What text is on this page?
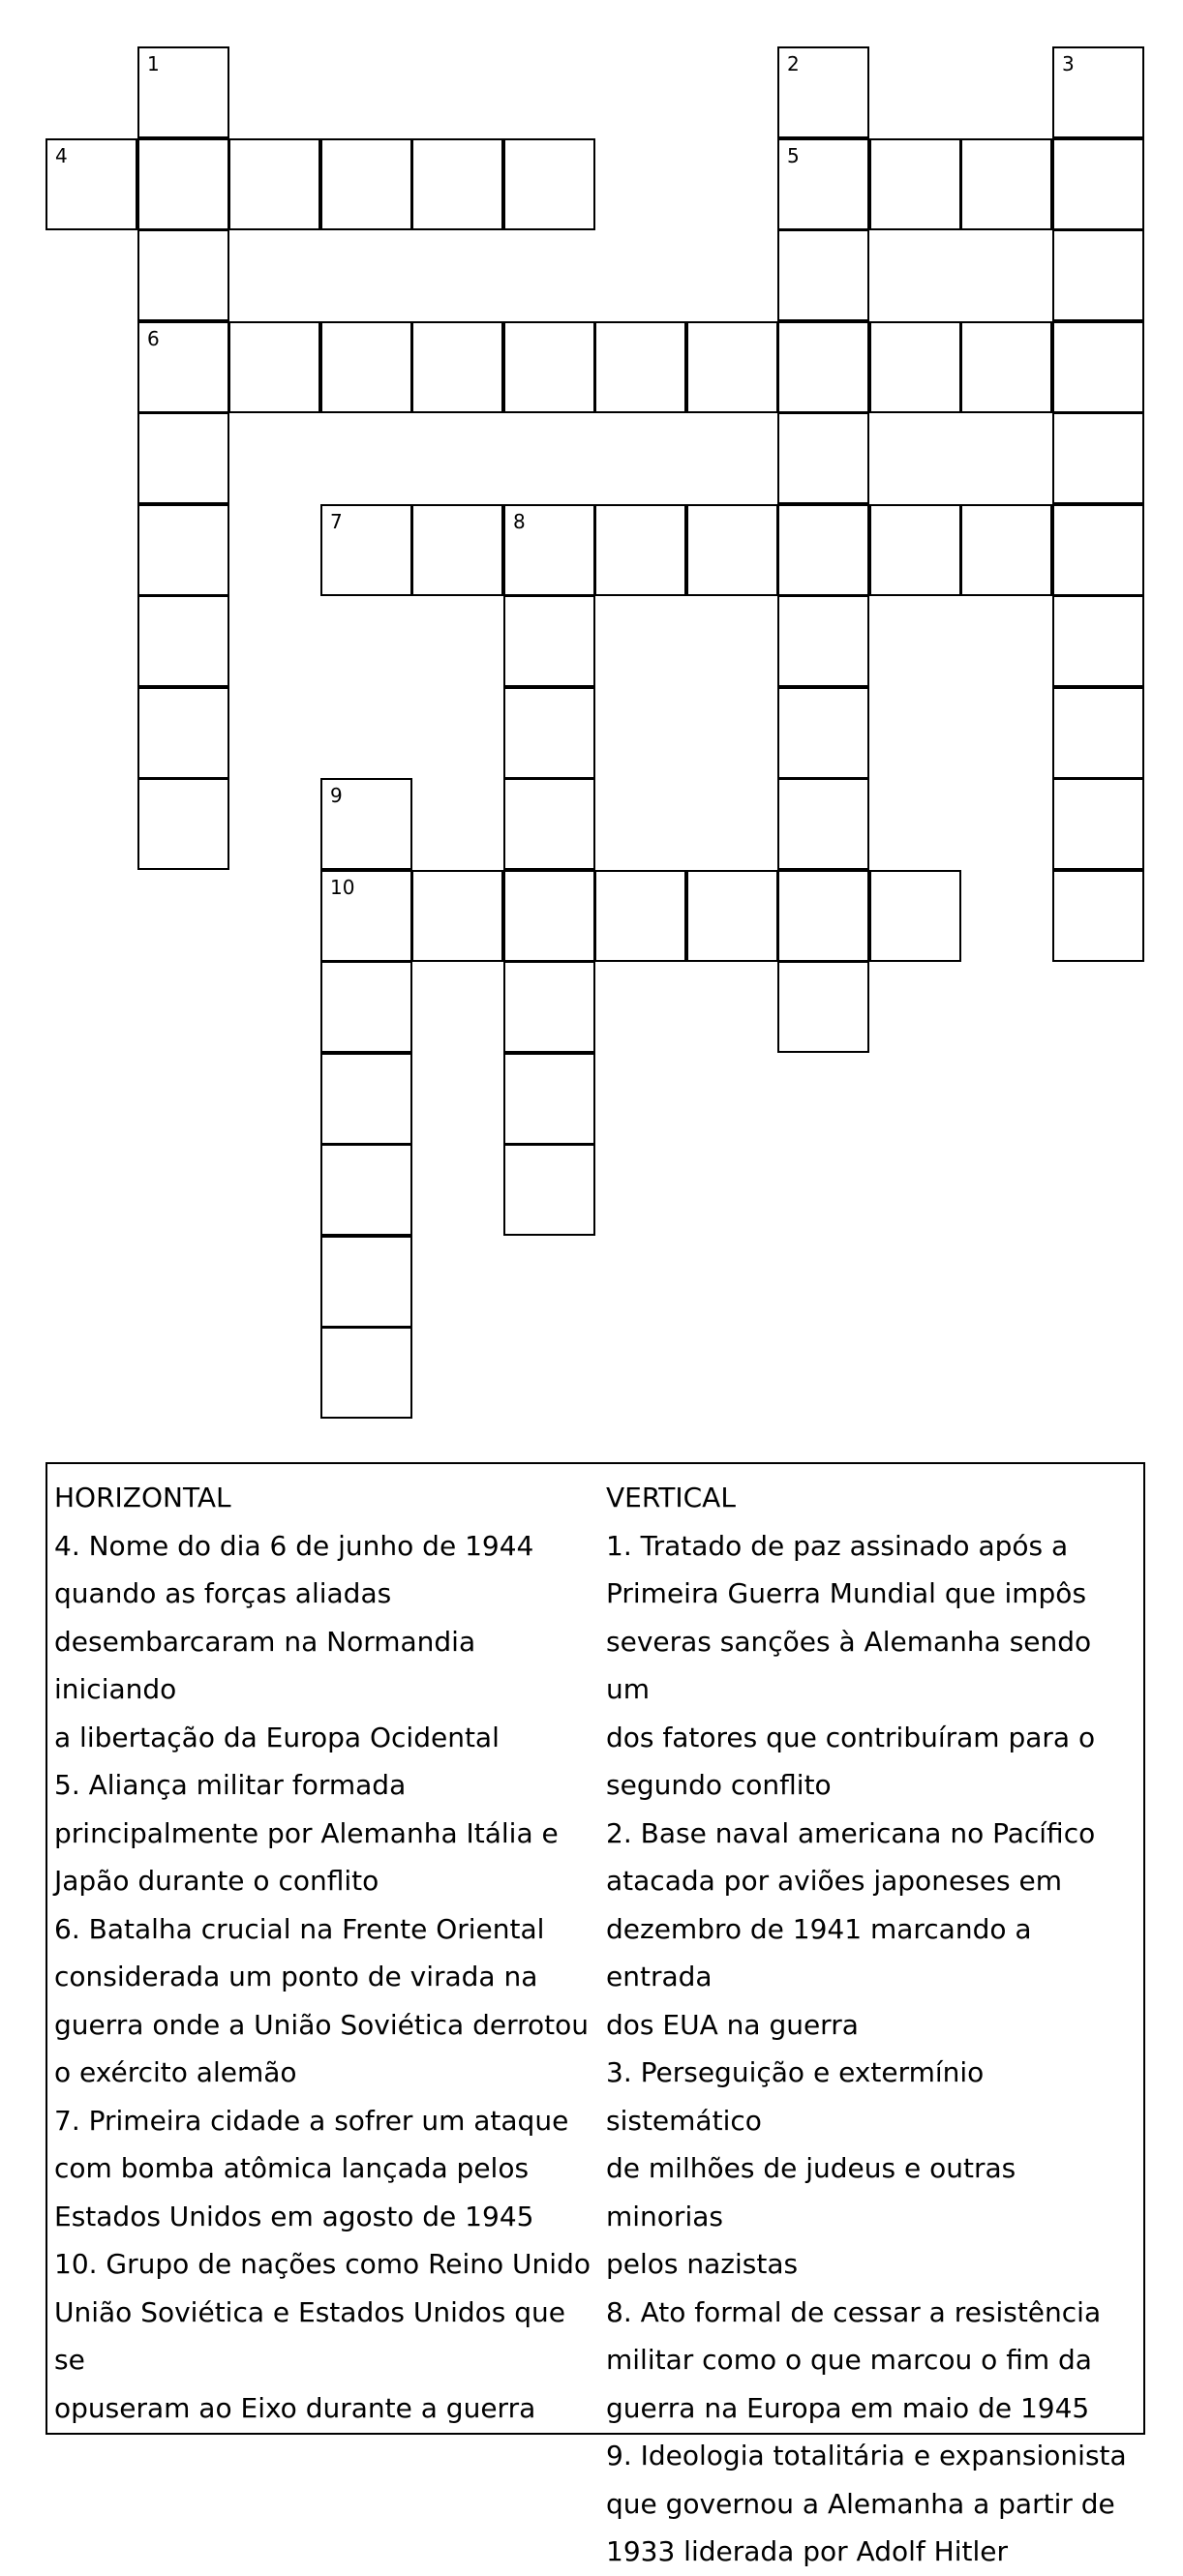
1	2	3
4	5
6
7	8
9
10
HORIZONTAL
4. Nome do dia 6 de junho de 1944
quando as forças aliadas
desembarcaram na Normandia iniciando
a libertação da Europa Ocidental
5. Aliança militar formada
principalmente por Alemanha Itália e
Japão durante o conflito
6. Batalha crucial na Frente Oriental
considerada um ponto de virada na
guerra onde a União Soviética derrotou
o exército alemão
7. Primeira cidade a sofrer um ataque
com bomba atômica lançada pelos
Estados Unidos em agosto de 1945
10. Grupo de nações como Reino Unido
União Soviética e Estados Unidos que se
opuseram ao Eixo durante a guerra
VERTICAL
1. Tratado de paz assinado após a
Primeira Guerra Mundial que impôs
severas sanções à Alemanha sendo um
dos fatores que contribuíram para o
segundo conflito
2. Base naval americana no Pacífico
atacada por aviões japoneses em
dezembro de 1941 marcando a entrada
dos EUA na guerra
3. Perseguição e extermínio sistemático
de milhões de judeus e outras minorias
pelos nazistas
8. Ato formal de cessar a resistência
militar como o que marcou o fim da
guerra na Europa em maio de 1945
9. Ideologia totalitária e expansionista
que governou a Alemanha a partir de
1933 liderada por Adolf Hitler
